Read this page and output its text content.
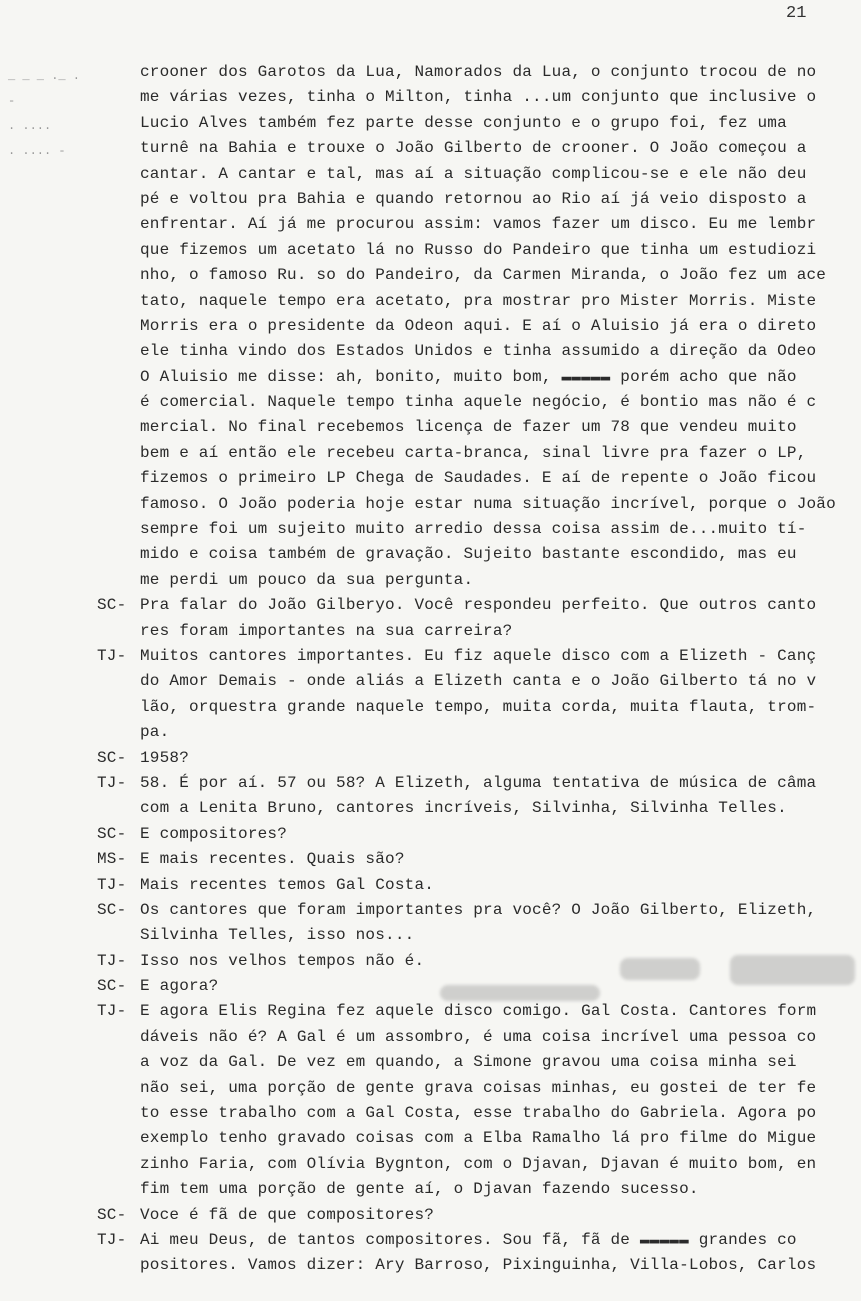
21
_ _ _ ._ .
-
. ....
. .... -
crooner dos Garotos da Lua, Namorados da Lua, o conjunto trocou de no
me várias vezes, tinha o Milton, tinha ...um conjunto que inclusive o
Lucio Alves também fez parte desse conjunto e o grupo foi, fez uma
turnê na Bahia e trouxe o João Gilberto de crooner. O João começou a
cantar. A cantar e tal, mas aí a situação complicou-se e ele não deu
pé e voltou pra Bahia e quando retornou ao Rio aí já veio disposto a
enfrentar. Aí já me procurou assim: vamos fazer um disco. Eu me lembr
que fizemos um acetato lá no Russo do Pandeiro que tinha um estudiozi
nho, o famoso Ru. so do Pandeiro, da Carmen Miranda, o João fez um ace
tato, naquele tempo era acetato, pra mostrar pro Mister Morris. Miste
Morris era o presidente da Odeon aqui. E aí o Aluisio já era o direto
ele tinha vindo dos Estados Unidos e tinha assumido a direção da Odeo
O Aluisio me disse: ah, bonito, muito bom, ▬▬▬▬▬ porém acho que não
é comercial. Naquele tempo tinha aquele negócio, é bontio mas não é c
mercial. No final recebemos licença de fazer um 78 que vendeu muito
bem e aí então ele recebeu carta-branca, sinal livre pra fazer o LP,
fizemos o primeiro LP Chega de Saudades. E aí de repente o João ficou
famoso. O João poderia hoje estar numa situação incrível, porque o João
sempre foi um sujeito muito arredio dessa coisa assim de...muito tí-
mido e coisa também de gravação. Sujeito bastante escondido, mas eu
me perdi um pouco da sua pergunta.
SC- Pra falar do João Gilberyo. Você respondeu perfeito. Que outros canto
res foram importantes na sua carreira?
TJ- Muitos cantores importantes. Eu fiz aquele disco com a Elizeth - Canç
do Amor Demais - onde aliás a Elizeth canta e o João Gilberto tá no v
lão, orquestra grande naquele tempo, muita corda, muita flauta, trom-
pa.
SC- 1958?
TJ- 58. É por aí. 57 ou 58? A Elizeth, alguma tentativa de música de câma
com a Lenita Bruno, cantores incríveis, Silvinha, Silvinha Telles.
SC- E compositores?
MS- E mais recentes. Quais são?
TJ- Mais recentes temos Gal Costa.
SC- Os cantores que foram importantes pra você? O João Gilberto, Elizeth,
Silvinha Telles, isso nos...
TJ- Isso nos velhos tempos não é.
SC- E agora?
TJ- E agora Elis Regina fez aquele disco comigo. Gal Costa. Cantores form
dáveis não é? A Gal é um assombro, é uma coisa incrível uma pessoa co
a voz da Gal. De vez em quando, a Simone gravou uma coisa minha sei
não sei, uma porção de gente grava coisas minhas, eu gostei de ter fe
to esse trabalho com a Gal Costa, esse trabalho do Gabriela. Agora po
exemplo tenho gravado coisas com a Elba Ramalho lá pro filme do Migue
zinho Faria, com Olívia Bygnton, com o Djavan, Djavan é muito bom, en
fim tem uma porção de gente aí, o Djavan fazendo sucesso.
SC- Voce é fã de que compositores?
TJ- Ai meu Deus, de tantos compositores. Sou fã, fã de ▬▬▬▬▬ grandes co
positores. Vamos dizer: Ary Barroso, Pixinguinha, Villa-Lobos, Carlos
